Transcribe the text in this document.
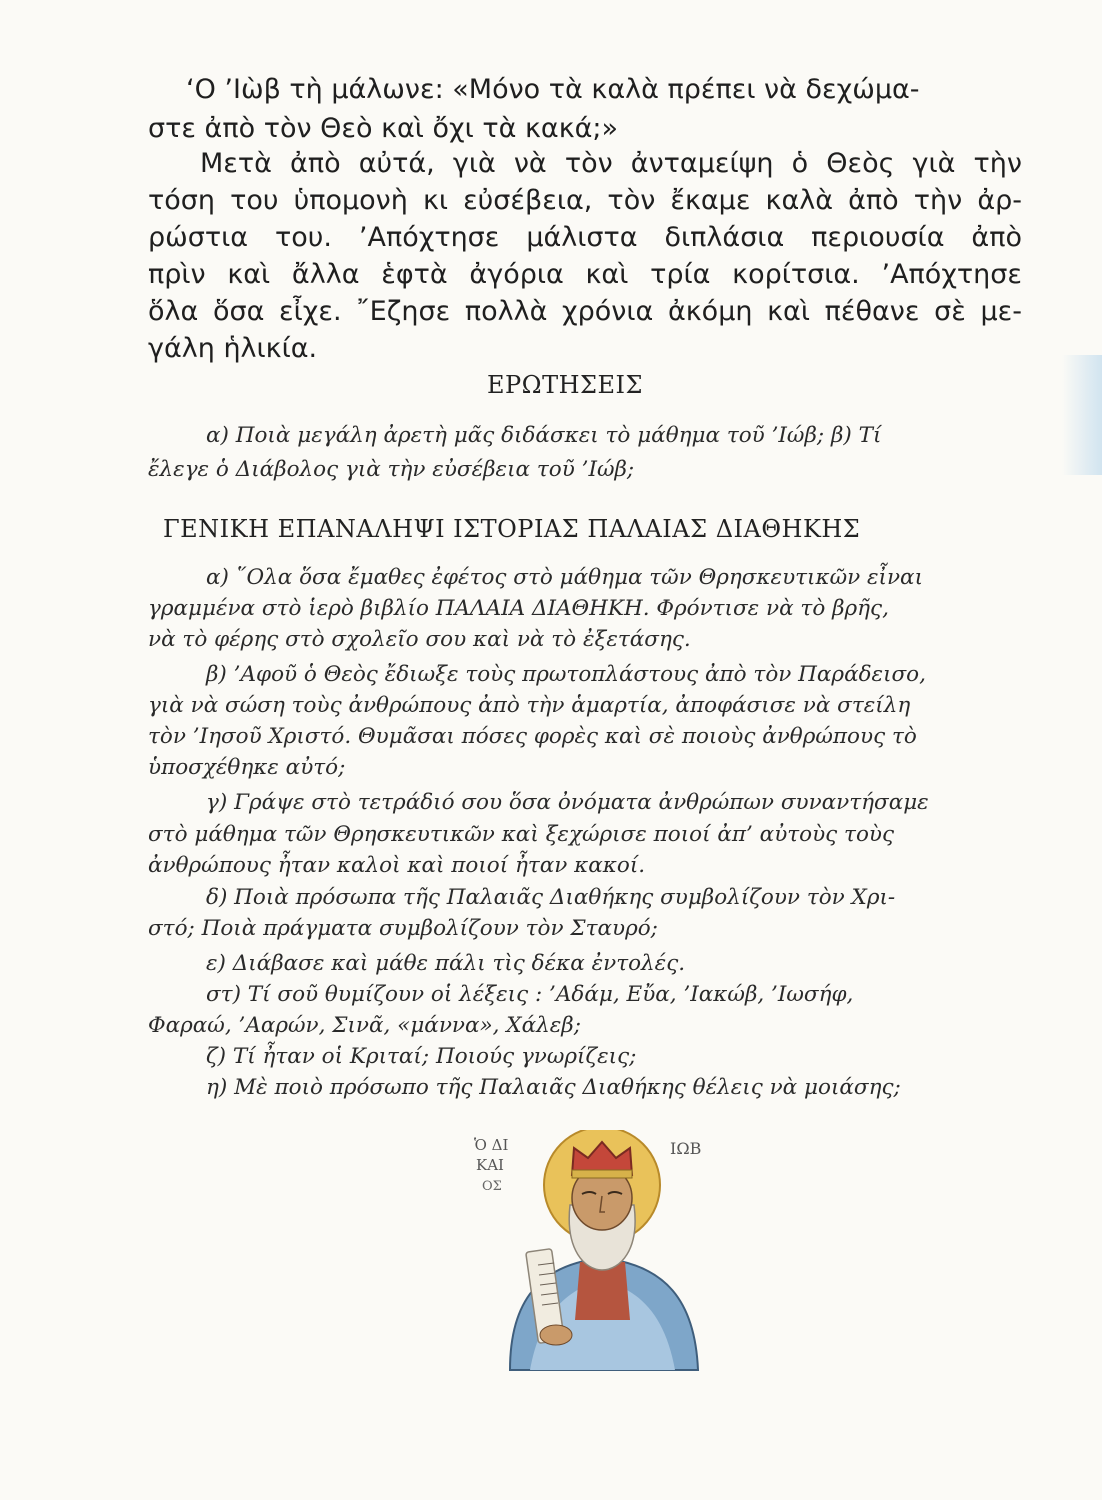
‘Ο ’Ιὼβ τὴ μάλωνε: «Μόνο τὰ καλὰ πρέπει νὰ δεχώμα-
στε ἀπὸ τὸν Θεὸ καὶ ὄχι τὰ κακά;»
Μετὰ ἀπὸ αὐτά, γιὰ νὰ τὸν ἀνταμείψη ὁ Θεὸς γιὰ τὴν
τόση του ὑπομονὴ κι εὐσέβεια, τὸν ἔκαμε καλὰ ἀπὸ τὴν ἀρ-
ρώστια του. ’Απόχτησε μάλιστα διπλάσια περιουσία ἀπὸ
πρὶν καὶ ἄλλα ἑφτὰ ἀγόρια καὶ τρία κορίτσια. ’Απόχτησε
ὅλα ὅσα εἶχε. ῎Εζησε πολλὰ χρόνια ἀκόμη καὶ πέθανε σὲ με-
γάλη ἡλικία.
ΕΡΩΤΗΣΕΙΣ
α) Ποιὰ μεγάλη ἀρετὴ μᾶς διδάσκει τὸ μάθημα τοῦ ’Ιώβ; β) Τί
ἔλεγε ὁ Διάβολος γιὰ τὴν εὐσέβεια τοῦ ’Ιώβ;
ΓΕΝΙΚΗ ΕΠΑΝΑΛΗΨΙ ΙΣΤΟΡΙΑΣ ΠΑΛΑΙΑΣ ΔΙΑΘΗΚΗΣ
α) ῞Ολα ὅσα ἔμαθες ἐφέτος στὸ μάθημα τῶν Θρησκευτικῶν εἶναι
γραμμένα στὸ ἱερὸ βιβλίο ΠΑΛΑΙΑ ΔΙΑΘΗΚΗ. Φρόντισε νὰ τὸ βρῆς,
νὰ τὸ φέρης στὸ σχολεῖο σου καὶ νὰ τὸ ἐξετάσης.
β) ’Αφοῦ ὁ Θεὸς ἔδιωξε τοὺς πρωτοπλάστους ἀπὸ τὸν Παράδεισο,
γιὰ νὰ σώση τοὺς ἀνθρώπους ἀπὸ τὴν ἁμαρτία, ἀποφάσισε νὰ στείλη
τὸν ’Ιησοῦ Χριστό. Θυμᾶσαι πόσες φορὲς καὶ σὲ ποιοὺς ἀνθρώπους τὸ
ὑποσχέθηκε αὐτό;
γ) Γράψε στὸ τετράδιό σου ὅσα ὀνόματα ἀνθρώπων συναντήσαμε
στὸ μάθημα τῶν Θρησκευτικῶν καὶ ξεχώρισε ποιοί ἀπ’ αὐτοὺς τοὺς
ἀνθρώπους ἦταν καλοὶ καὶ ποιοί ἦταν κακοί.
δ) Ποιὰ πρόσωπα τῆς Παλαιᾶς Διαθήκης συμβολίζουν τὸν Χρι-
στό; Ποιὰ πράγματα συμβολίζουν τὸν Σταυρό;
ε) Διάβασε καὶ μάθε πάλι τὶς δέκα ἐντολές.
στ) Τί σοῦ θυμίζουν οἱ λέξεις : ’Αδάμ, Εὔα, ’Ιακώβ, ’Ιωσήφ,
Φαραώ, ’Ααρών, Σινᾶ, «μάννα», Χάλεβ;
ζ) Τί ἦταν οἱ Κριταί; Ποιούς γνωρίζεις;
η) Μὲ ποιὸ πρόσωπο τῆς Παλαιᾶς Διαθήκης θέλεις νὰ μοιάσης;
Ὁ ΔΙ
ΚΑΙ
ΟΣ
ΙΩΒ
